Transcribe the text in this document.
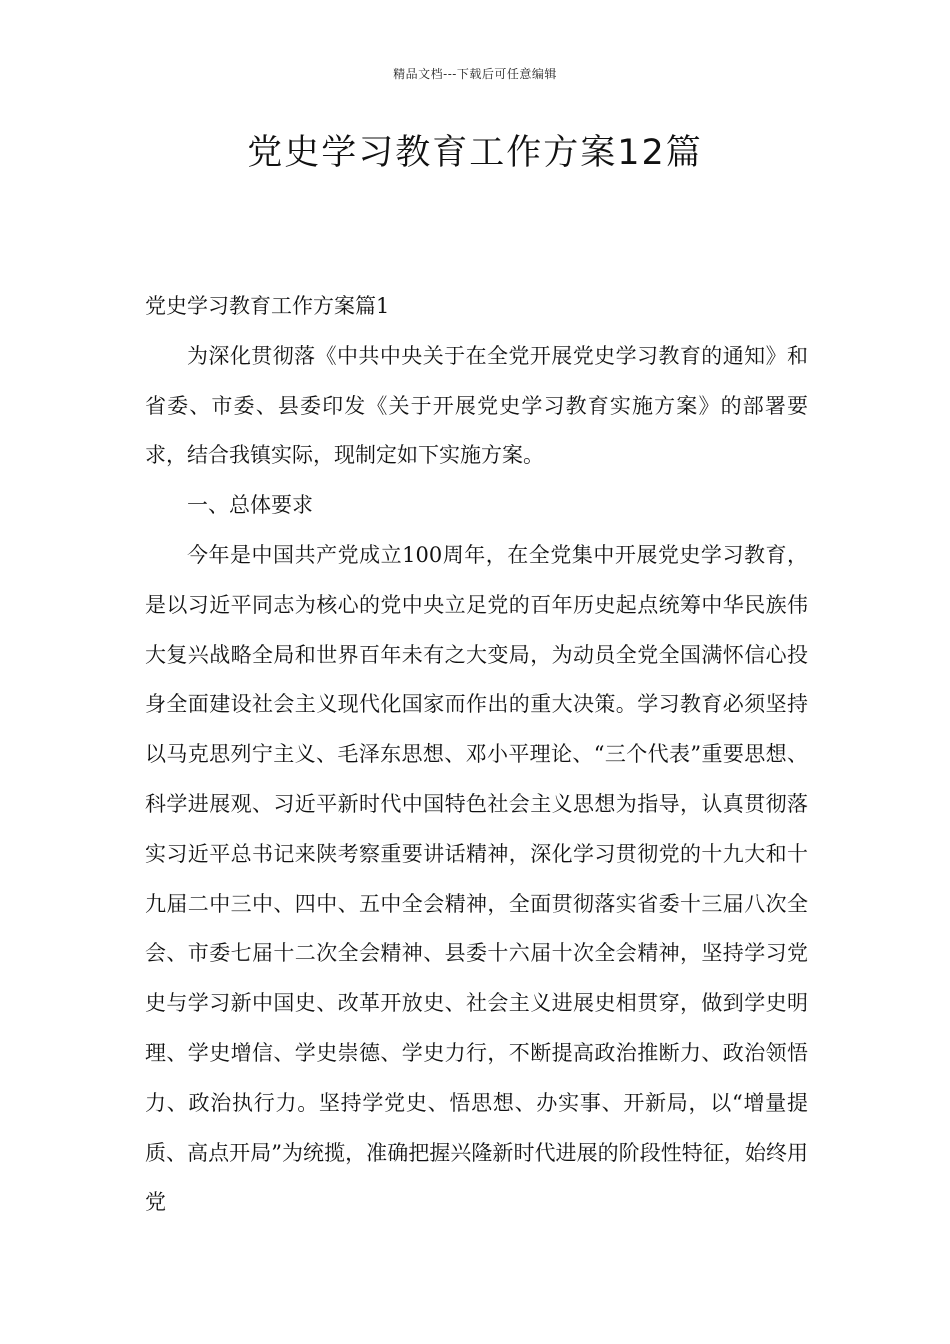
精品文档---下载后可任意编辑
党史学习教育工作方案12篇

党史学习教育工作方案篇1

为深化贯彻落《中共中央关于在全党开展党史学习教育的通知》和省委、市委、县委印发《关于开展党史学习教育实施方案》的部署要求，结合我镇实际，现制定如下实施方案。

一、总体要求

今年是中国共产党成立100周年，在全党集中开展党史学习教育，是以习近平同志为核心的党中央立足党的百年历史起点统筹中华民族伟大复兴战略全局和世界百年未有之大变局，为动员全党全国满怀信心投身全面建设社会主义现代化国家而作出的重大决策。学习教育必须坚持以马克思列宁主义、毛泽东思想、邓小平理论、“三个代表”重要思想、科学进展观、习近平新时代中国特色社会主义思想为指导，认真贯彻落实习近平总书记来陕考察重要讲话精神，深化学习贯彻党的十九大和十九届二中三中、四中、五中全会精神，全面贯彻落实省委十三届八次全会、市委七届十二次全会精神、县委十六届十次全会精神，坚持学习党史与学习新中国史、改革开放史、社会主义进展史相贯穿，做到学史明理、学史增信、学史崇德、学史力行，不断提高政治推断力、政治领悟力、政治执行力。坚持学党史、悟思想、办实事、开新局，以“增量提质、高点开局”为统揽，准确把握兴隆新时代进展的阶段性特征，始终用党
